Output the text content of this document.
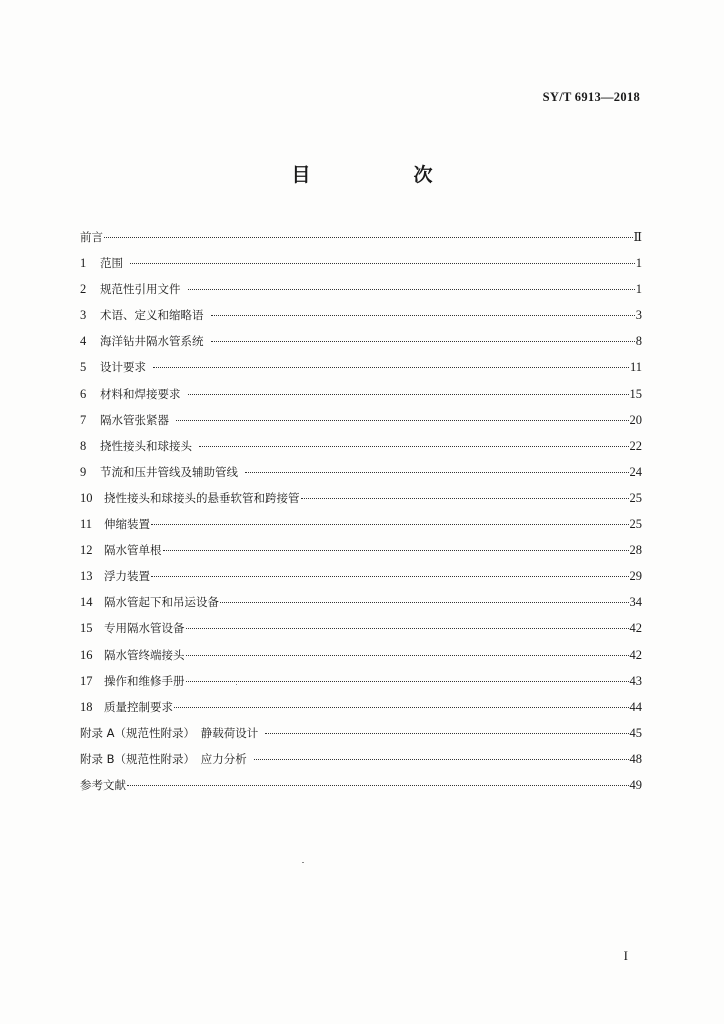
SY/T 6913—2018
目　次
前言	Ⅱ
1	范围	1
2	规范性引用文件	1
3	术语、定义和缩略语	3
4	海洋钻井隔水管系统	8
5	设计要求	11
6	材料和焊接要求	15
7	隔水管张紧器	20
8	挠性接头和球接头	22
9	节流和压井管线及辅助管线	24
10	挠性接头和球接头的悬垂软管和跨接管	25
11	伸缩装置	25
12	隔水管单根	28
13	浮力装置	29
14	隔水管起下和吊运设备	34
15	专用隔水管设备	42
16	隔水管终端接头	42
17	操作和维修手册	43
18	质量控制要求	44
附录 A（规范性附录）　静载荷设计	45
附录 B（规范性附录）　应力分析	48
参考文献	49
I
